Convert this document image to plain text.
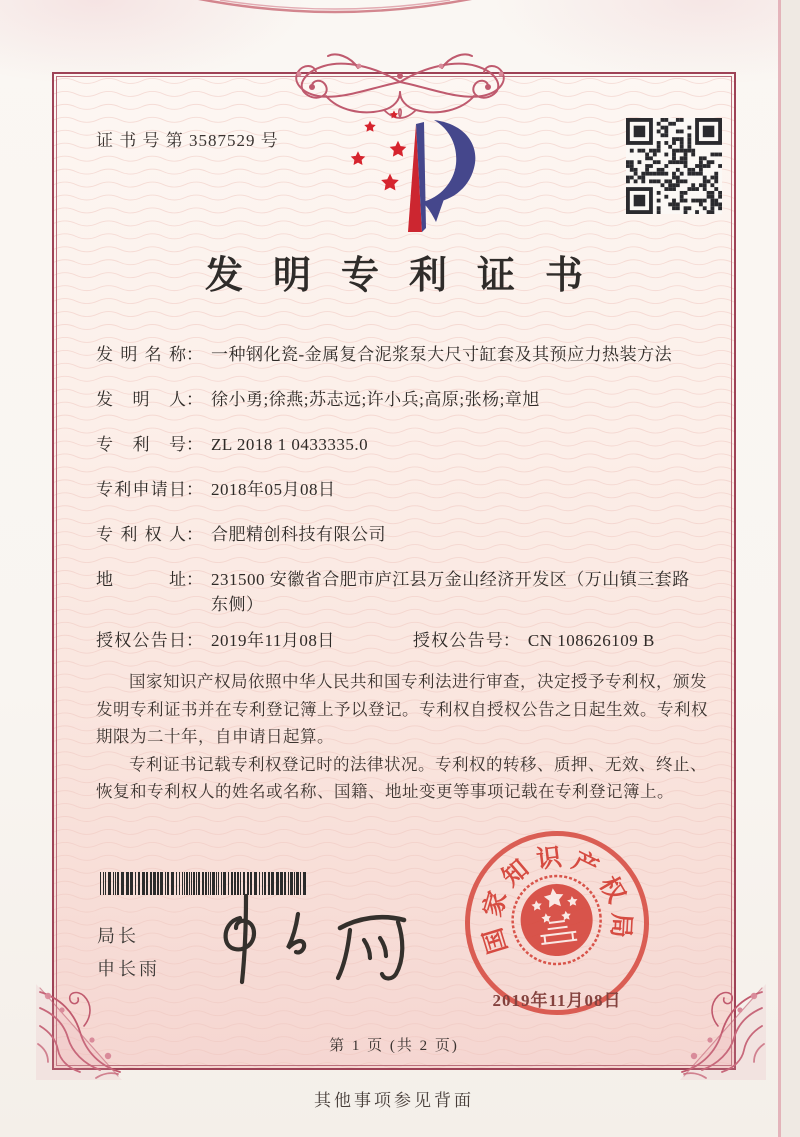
证 书 号 第 3587529 号
发明专利证书
发明名称 ： 一种钢化瓷-金属复合泥浆泵大尺寸缸套及其预应力热装方法
发明人 ： 徐小勇;徐燕;苏志远;许小兵;高原;张杨;章旭
专利号 ： ZL 2018 1 0433335.0
专利申请日 ： 2018年05月08日
专利权人 ： 合肥精创科技有限公司
地址 ： 231500 安徽省合肥市庐江县万金山经济开发区（万山镇三套路东侧）
授权公告日 ： 2019年11月08日	授权公告号 ： CN 108626109 B

国家知识产权局依照中华人民共和国专利法进行审查，决定授予专利权，颁发发明专利证书并在专利登记簿上予以登记。专利权自授权公告之日起生效。专利权期限为二十年，自申请日起算。

专利证书记载专利权登记时的法律状况。专利权的转移、质押、无效、终止、恢复和专利权人的姓名或名称、国籍、地址变更等事项记载在专利登记簿上。

局长
申长雨
国
家
知 识 产
权
局
2019年11月08日
第 1 页 (共 2 页)
其他事项参见背面
